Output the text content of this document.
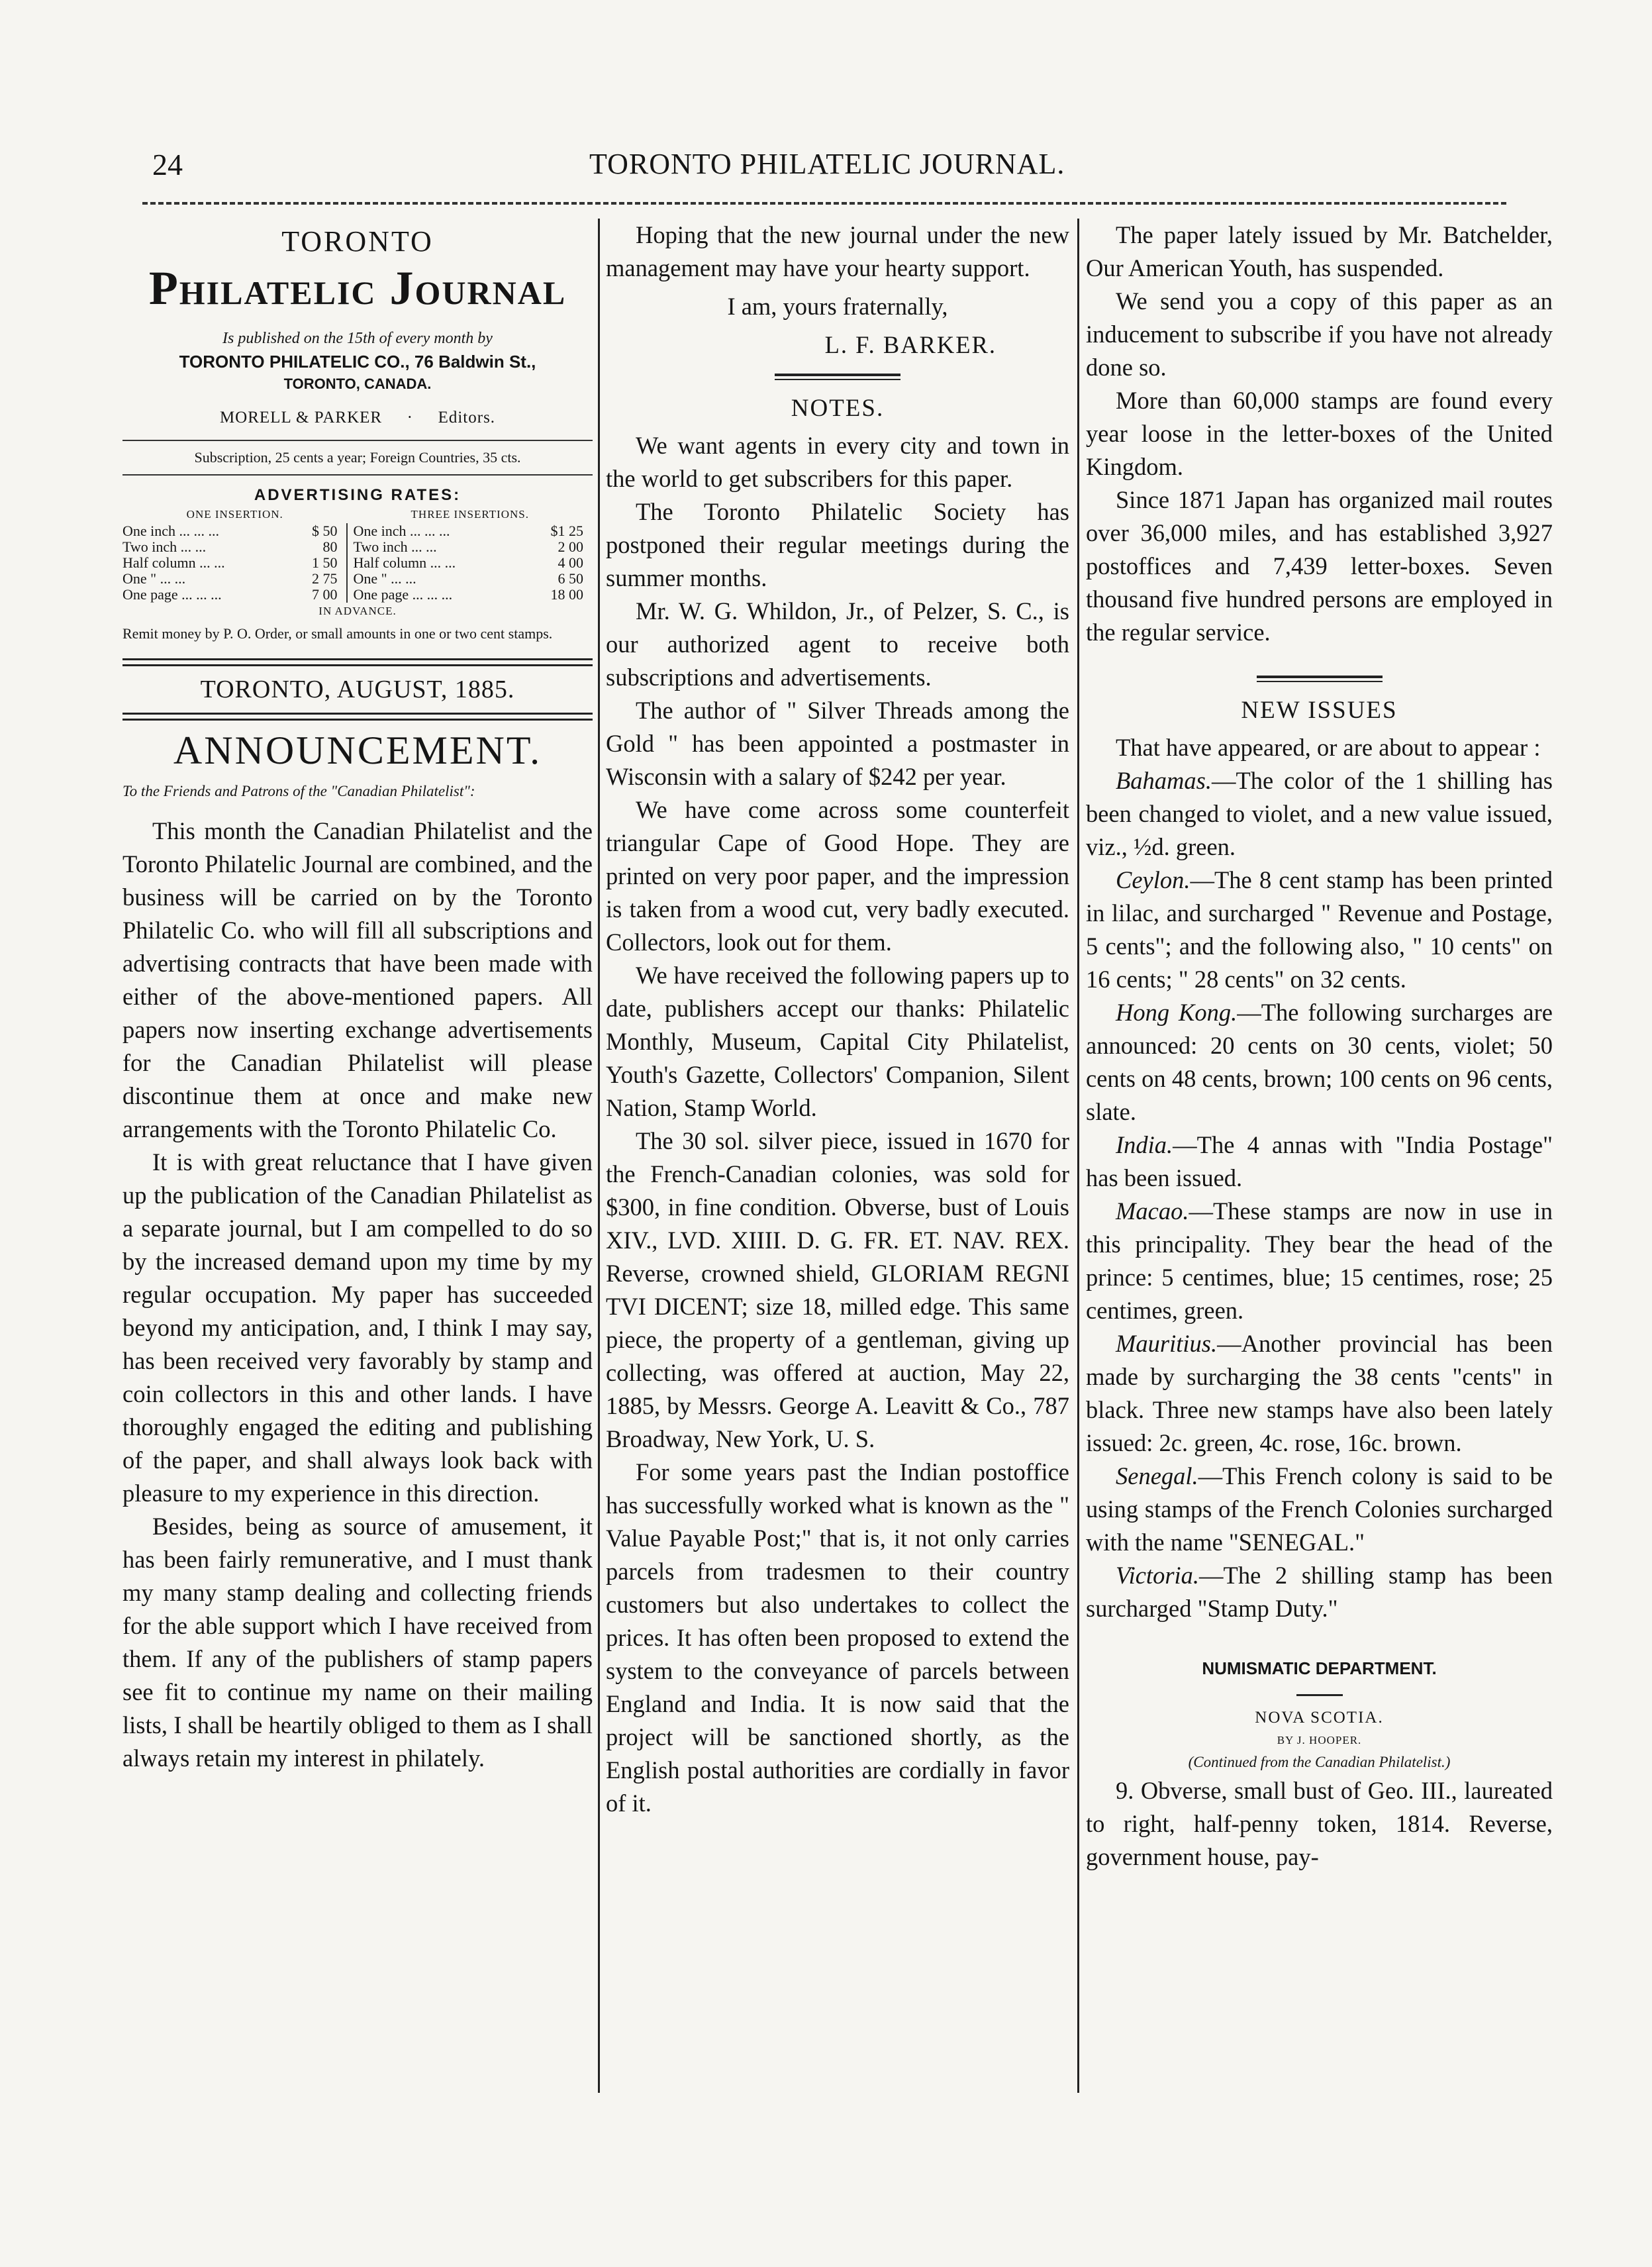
24	TORONTO PHILATELIC JOURNAL.
TORONTO
Philatelic Journal
Is published on the 15th of every month by
TORONTO PHILATELIC CO., 76 Baldwin St.,
TORONTO, CANADA.
MORELL & PARKER · Editors.
Subscription, 25 cents a year; Foreign Countries, 35 cts.
ADVERTISING RATES:
ONE INSERTION.		THREE INSERTIONS.	
One inch ... ... ...	$ 50	One inch ... ... ...	$1 25
Two inch ... ...	80	Two inch ... ...	2 00
Half column ... ...	1 50	Half column ... ...	4 00
One " ... ...	2 75	One " ... ...	6 50
One page ... ... ...	7 00	One page ... ... ...	18 00
IN ADVANCE.
Remit money by P. O. Order, or small amounts in one or two cent stamps.
TORONTO, AUGUST, 1885.
ANNOUNCEMENT.

To the Friends and Patrons of the "Canadian Philatelist":

This month the Canadian Philatelist and the Toronto Philatelic Journal are combined, and the business will be carried on by the Toronto Philatelic Co. who will fill all subscriptions and advertising contracts that have been made with either of the above-mentioned papers. All papers now inserting exchange advertisements for the Canadian Philatelist will please discontinue them at once and make new arrangements with the Toronto Philatelic Co.

It is with great reluctance that I have given up the publication of the Canadian Philatelist as a separate journal, but I am compelled to do so by the increased demand upon my time by my regular occupation. My paper has succeeded beyond my anticipation, and, I think I may say, has been received very favorably by stamp and coin collectors in this and other lands. I have thoroughly engaged the editing and publishing of the paper, and shall always look back with pleasure to my experience in this direction.

Besides, being as source of amusement, it has been fairly remunerative, and I must thank my many stamp dealing and collecting friends for the able support which I have received from them. If any of the publishers of stamp papers see fit to continue my name on their mailing lists, I shall be heartily obliged to them as I shall always retain my interest in philately.

Hoping that the new journal under the new management may have your hearty support.

I am, yours fraternally,

L. F. BARKER.

NOTES.

We want agents in every city and town in the world to get subscribers for this paper.

The Toronto Philatelic Society has postponed their regular meetings during the summer months.

Mr. W. G. Whildon, Jr., of Pelzer, S. C., is our authorized agent to receive both subscriptions and advertisements.

The author of " Silver Threads among the Gold " has been appointed a postmaster in Wisconsin with a salary of $242 per year.

We have come across some counterfeit triangular Cape of Good Hope. They are printed on very poor paper, and the impression is taken from a wood cut, very badly executed. Collectors, look out for them.

We have received the following papers up to date, publishers accept our thanks: Philatelic Monthly, Museum, Capital City Philatelist, Youth's Gazette, Collectors' Companion, Silent Nation, Stamp World.

The 30 sol. silver piece, issued in 1670 for the French-Canadian colonies, was sold for $300, in fine condition. Obverse, bust of Louis XIV., LVD. XIIII. D. G. FR. ET. NAV. REX. Reverse, crowned shield, GLORIAM REGNI TVI DICENT; size 18, milled edge. This same piece, the property of a gentleman, giving up collecting, was offered at auction, May 22, 1885, by Messrs. George A. Leavitt & Co., 787 Broadway, New York, U. S.

For some years past the Indian postoffice has successfully worked what is known as the " Value Payable Post;" that is, it not only carries parcels from tradesmen to their country customers but also undertakes to collect the prices. It has often been proposed to extend the system to the conveyance of parcels between England and India. It is now said that the project will be sanctioned shortly, as the English postal authorities are cordially in favor of it.

The paper lately issued by Mr. Batchelder, Our American Youth, has suspended.

We send you a copy of this paper as an inducement to subscribe if you have not already done so.

More than 60,000 stamps are found every year loose in the letter-boxes of the United Kingdom.

Since 1871 Japan has organized mail routes over 36,000 miles, and has established 3,927 postoffices and 7,439 letter-boxes. Seven thousand five hundred persons are employed in the regular service.

NEW ISSUES

That have appeared, or are about to appear :

Bahamas.—The color of the 1 shilling has been changed to violet, and a new value issued, viz., ½d. green.

Ceylon.—The 8 cent stamp has been printed in lilac, and surcharged " Revenue and Postage, 5 cents"; and the following also, " 10 cents" on 16 cents; " 28 cents" on 32 cents.

Hong Kong.—The following surcharges are announced: 20 cents on 30 cents, violet; 50 cents on 48 cents, brown; 100 cents on 96 cents, slate.

India.—The 4 annas with "India Postage" has been issued.

Macao.—These stamps are now in use in this principality. They bear the head of the prince: 5 centimes, blue; 15 centimes, rose; 25 centimes, green.

Mauritius.—Another provincial has been made by surcharging the 38 cents "cents" in black. Three new stamps have also been lately issued: 2c. green, 4c. rose, 16c. brown.

Senegal.—This French colony is said to be using stamps of the French Colonies surcharged with the name "SENEGAL."

Victoria.—The 2 shilling stamp has been surcharged "Stamp Duty."

NUMISMATIC DEPARTMENT.

NOVA SCOTIA.

BY J. HOOPER.

(Continued from the Canadian Philatelist.)

9. Obverse, small bust of Geo. III., laureated to right, half-penny token, 1814. Reverse, government house, pay-
